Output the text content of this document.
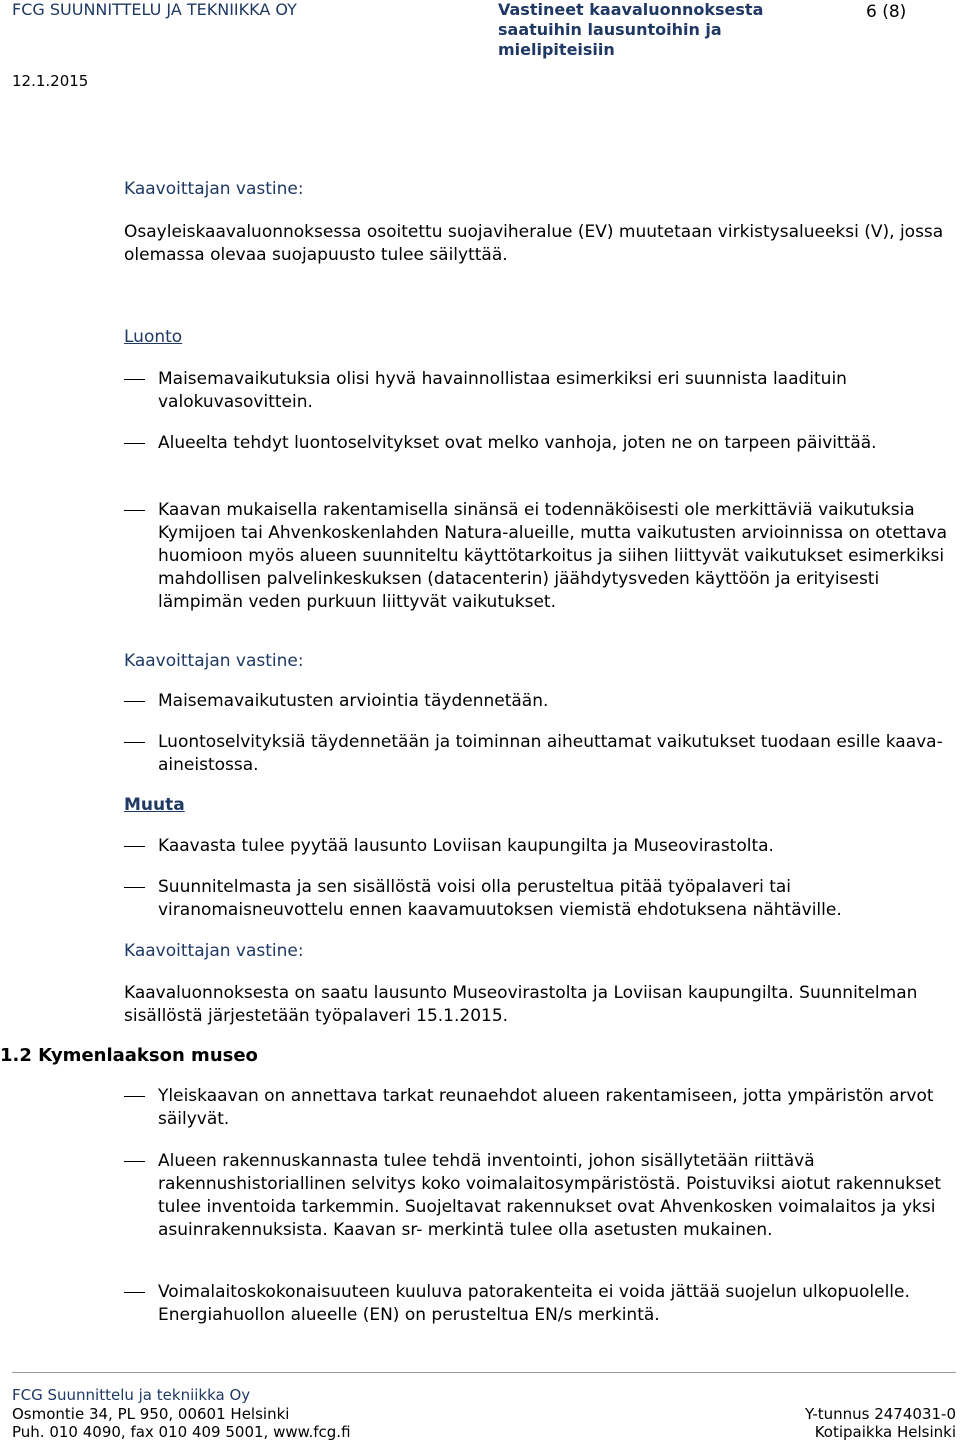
FCG SUUNNITTELU JA TEKNIIKKA OY	Vastineet kaavaluonnoksesta
saatuihin lausuntoihin ja
mielipiteisiin
6 (8)
12.1.2015
Kaavoittajan vastine:
Osayleiskaavaluonnoksessa osoitettu suojaviheralue (EV) muutetaan virkistysalueeksi (V), jossa olemassa olevaa suojapuusto tulee säilyttää.
Luonto
Maisemavaikutuksia olisi hyvä havainnollistaa esimerkiksi eri suunnista laadituin valokuvasovittein.
Alueelta tehdyt luontoselvitykset ovat melko vanhoja, joten ne on tarpeen päivittää.
Kaavan mukaisella rakentamisella sinänsä ei todennäköisesti ole merkittäviä vaikutuksia Kymijoen tai Ahvenkoskenlahden Natura-alueille, mutta vaikutusten arvioinnissa on otettava huomioon myös alueen suunniteltu käyttötarkoitus ja siihen liittyvät vaikutukset esimerkiksi mahdollisen palvelinkeskuksen (datacenterin) jäähdytysveden käyttöön ja erityisesti lämpimän veden purkuun liittyvät vaikutukset.
Kaavoittajan vastine:
Maisemavaikutusten arviointia täydennetään.
Luontoselvityksiä täydennetään ja toiminnan aiheuttamat vaikutukset tuodaan esille kaava-aineistossa.
Muuta
Kaavasta tulee pyytää lausunto Loviisan kaupungilta ja Museovirastolta.
Suunnitelmasta ja sen sisällöstä voisi olla perusteltua pitää työpalaveri tai viranomaisneuvottelu ennen kaavamuutoksen viemistä ehdotuksena nähtäville.
Kaavoittajan vastine:
Kaavaluonnoksesta on saatu lausunto Museovirastolta ja Loviisan kaupungilta. Suunnitelman sisällöstä järjestetään työpalaveri 15.1.2015.
1.2 Kymenlaakson museo
Yleiskaavan on annettava tarkat reunaehdot alueen rakentamiseen, jotta ympäristön arvot säilyvät.
Alueen rakennuskannasta tulee tehdä inventointi, johon sisällytetään riittävä rakennushistoriallinen selvitys koko voimalaitosympäristöstä. Poistuviksi aiotut rakennukset tulee inventoida tarkemmin. Suojeltavat rakennukset ovat Ahvenkosken voimalaitos ja yksi asuinrakennuksista. Kaavan sr- merkintä tulee olla asetusten mukainen.
Voimalaitoskokonaisuuteen kuuluva patorakenteita ei voida jättää suojelun ulkopuolelle. Energiahuollon alueelle (EN) on perusteltua EN/s merkintä.
FCG Suunnittelu ja tekniikka Oy
Osmontie 34, PL 950, 00601 Helsinki
Puh. 010 4090, fax 010 409 5001, www.fcg.fi
Y-tunnus 2474031-0
Kotipaikka Helsinki
